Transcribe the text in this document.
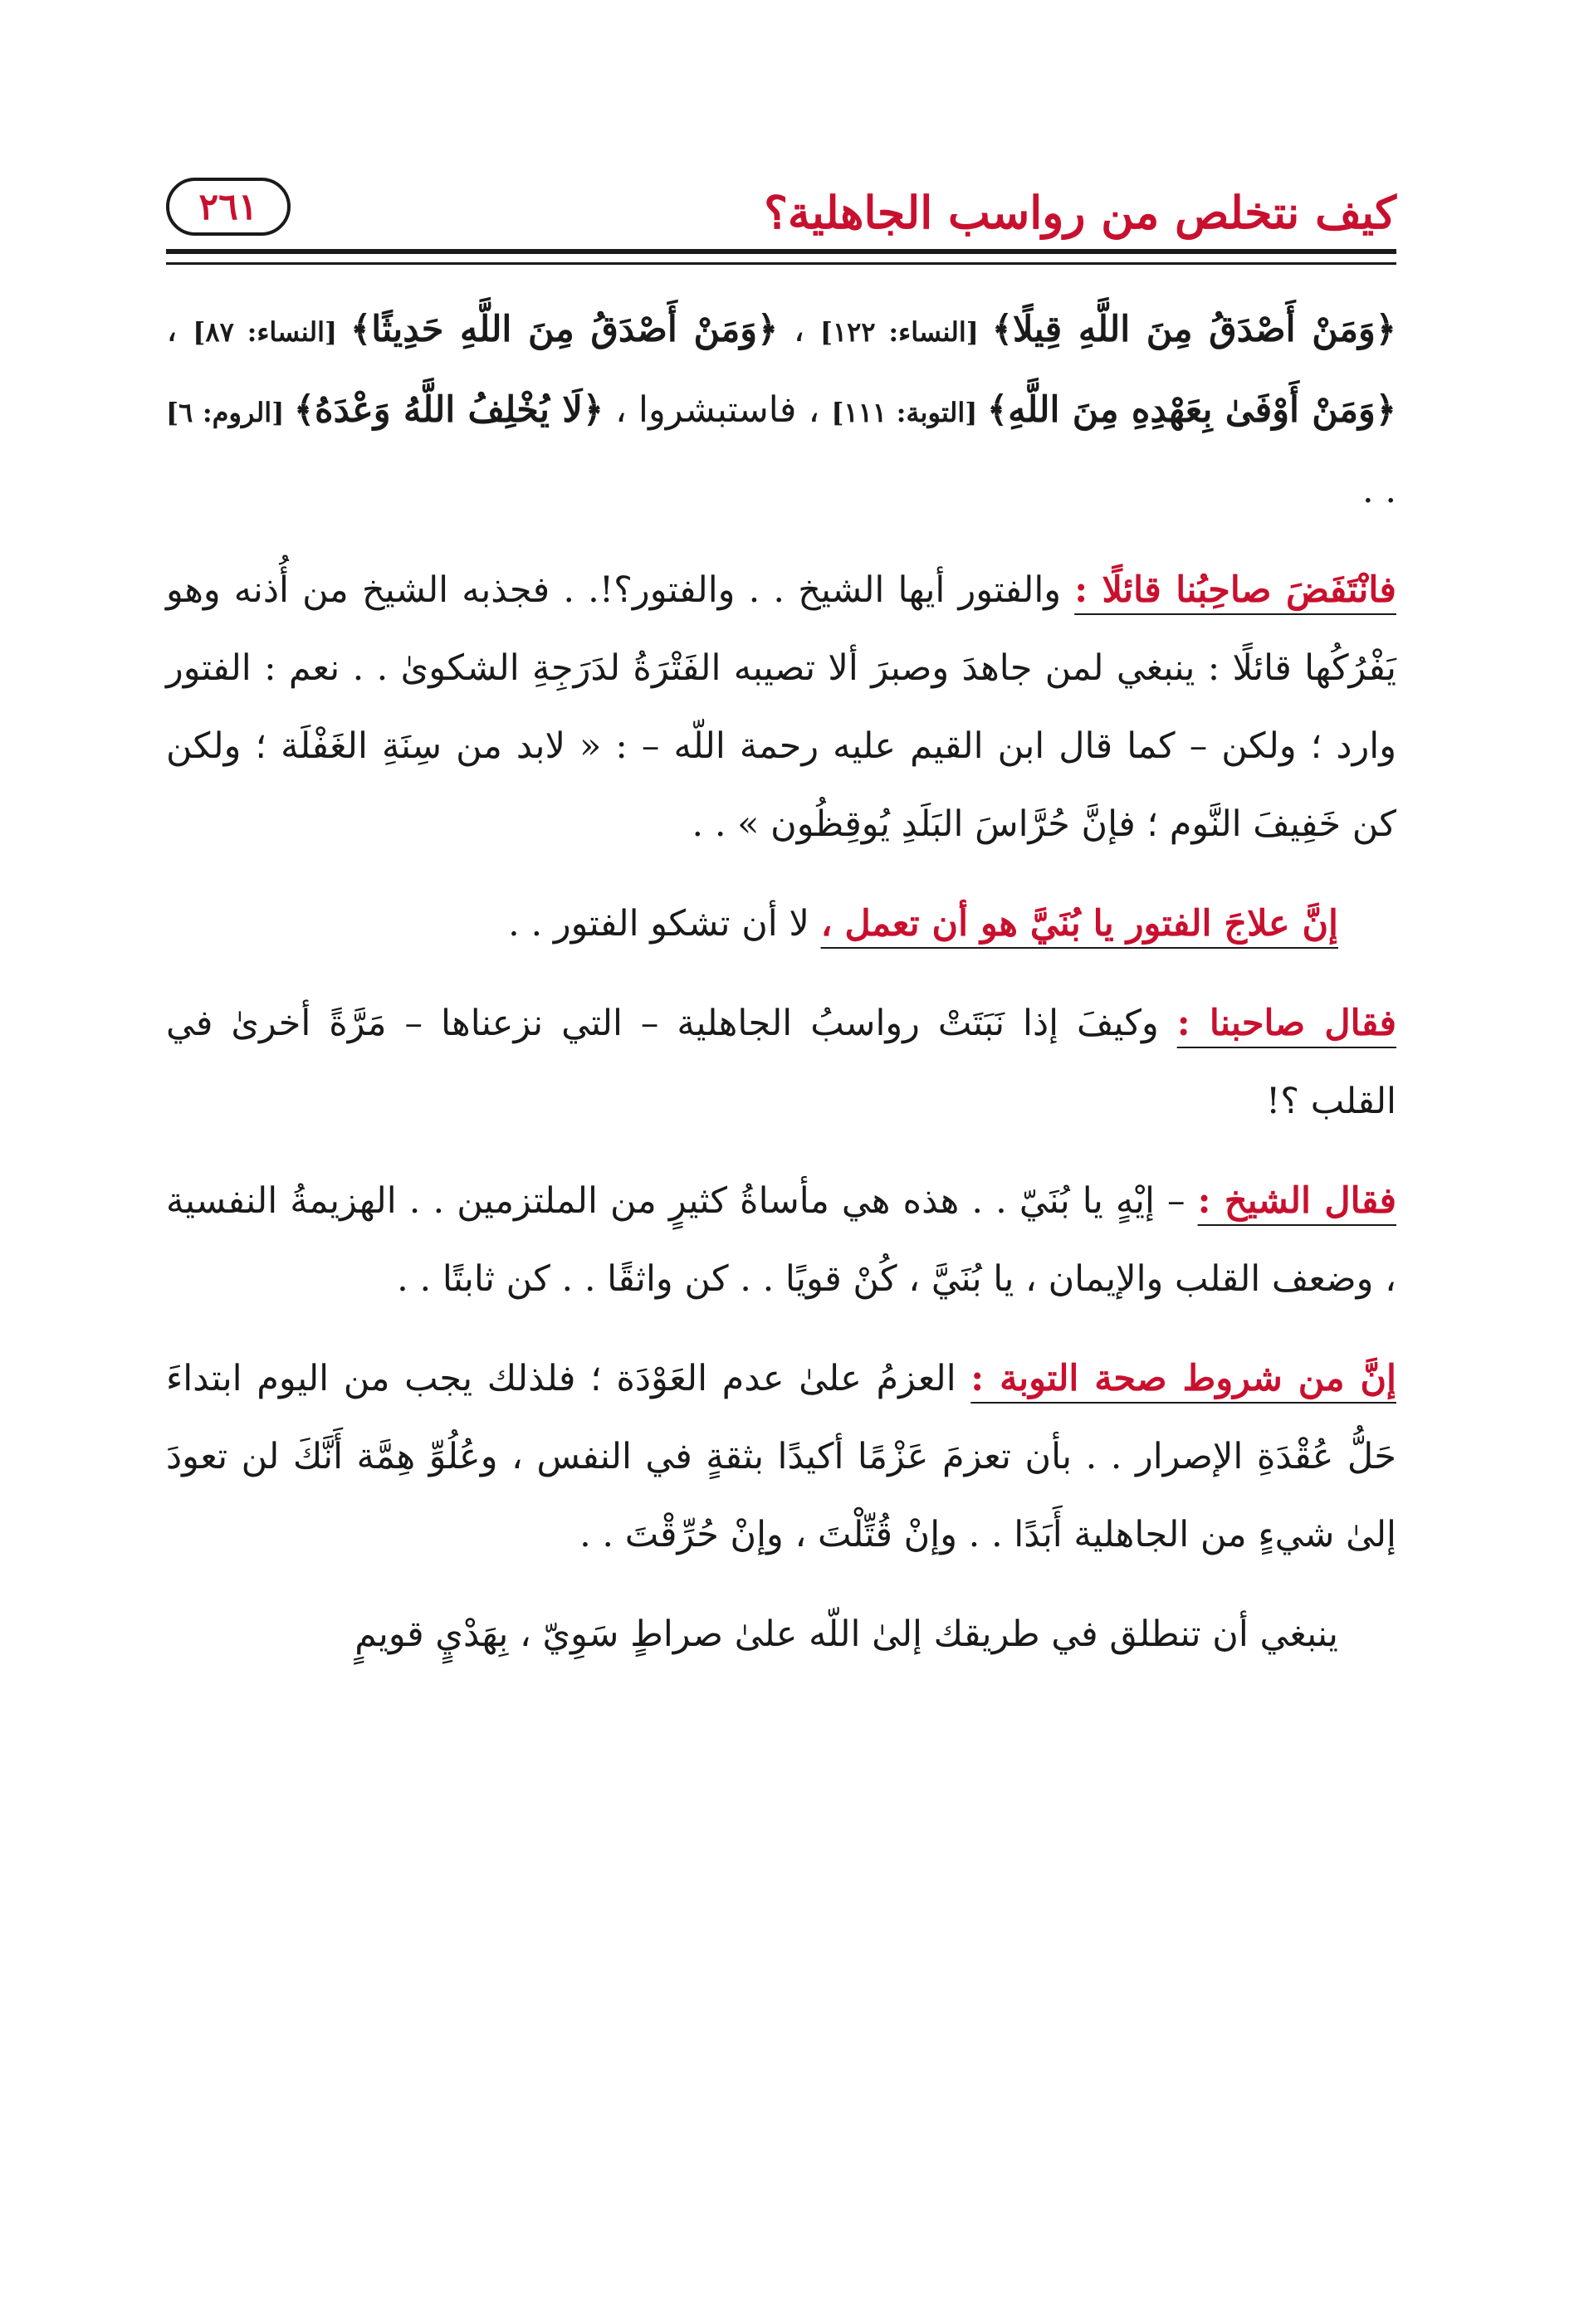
كيف نتخلص من رواسب الجاهلية؟
٢٦١

﴿وَمَنْ أَصْدَقُ مِنَ اللَّهِ قِيلًا﴾ [النساء: ١٢٢] ، ﴿وَمَنْ أَصْدَقُ مِنَ اللَّهِ حَدِيثًا﴾ [النساء: ٨٧] ، ﴿وَمَنْ أَوْفَىٰ بِعَهْدِهِ مِنَ اللَّهِ﴾ [التوبة: ١١١] ، فاستبشروا ، ﴿لَا يُخْلِفُ اللَّهُ وَعْدَهُ﴾ [الروم: ٦] . .

فانْتَفَضَ صاحِبُنا قائلًا : والفتور أيها الشيخ . . والفتور؟!. . فجذبه الشيخ من أُذنه وهو يَفْرُكُها قائلًا : ينبغي لمن جاهدَ وصبرَ ألا تصيبه الفَتْرَةُ لدَرَجِةِ الشكوىٰ . . نعم : الفتور وارد ؛ ولكن – كما قال ابن القيم عليه رحمة اللّه – : « لابد من سِنَةِ الغَفْلَة ؛ ولكن كن خَفِيفَ النَّوم ؛ فإنَّ حُرَّاسَ البَلَدِ يُوقِظُون » . .

إنَّ علاجَ الفتور يا بُنَيَّ هو أن تعمل ، لا أن تشكو الفتور . .

فقال صاحبنا : وكيفَ إذا نَبَتَتْ رواسبُ الجاهلية – التي نزعناها – مَرَّةً أخرىٰ في القلب ؟!

فقال الشيخ : – إيْهٍ يا بُنَيّ . . هذه هي مأساةُ كثيرٍ من الملتزمين . . الهزيمةُ النفسية ، وضعف القلب والإيمان ، يا بُنَيَّ ، كُنْ قويًا . . كن واثقًا . . كن ثابتًا . .

إنَّ من شروط صحة التوبة : العزمُ علىٰ عدم العَوْدَة ؛ فلذلك يجب من اليوم ابتداءَ حَلُّ عُقْدَةِ الإصرار . . بأن تعزمَ عَزْمًا أكيدًا بثقةٍ في النفس ، وعُلُوِّ هِمَّة أَنَّكَ لن تعودَ إلىٰ شيءٍ من الجاهلية أَبَدًا . . وإنْ قُتِّلْتَ ، وإنْ حُرِّقْتَ . .

ينبغي أن تنطلق في طريقك إلىٰ اللّه علىٰ صراطٍ سَوِيّ ، بِهَدْيٍ قويمٍ
